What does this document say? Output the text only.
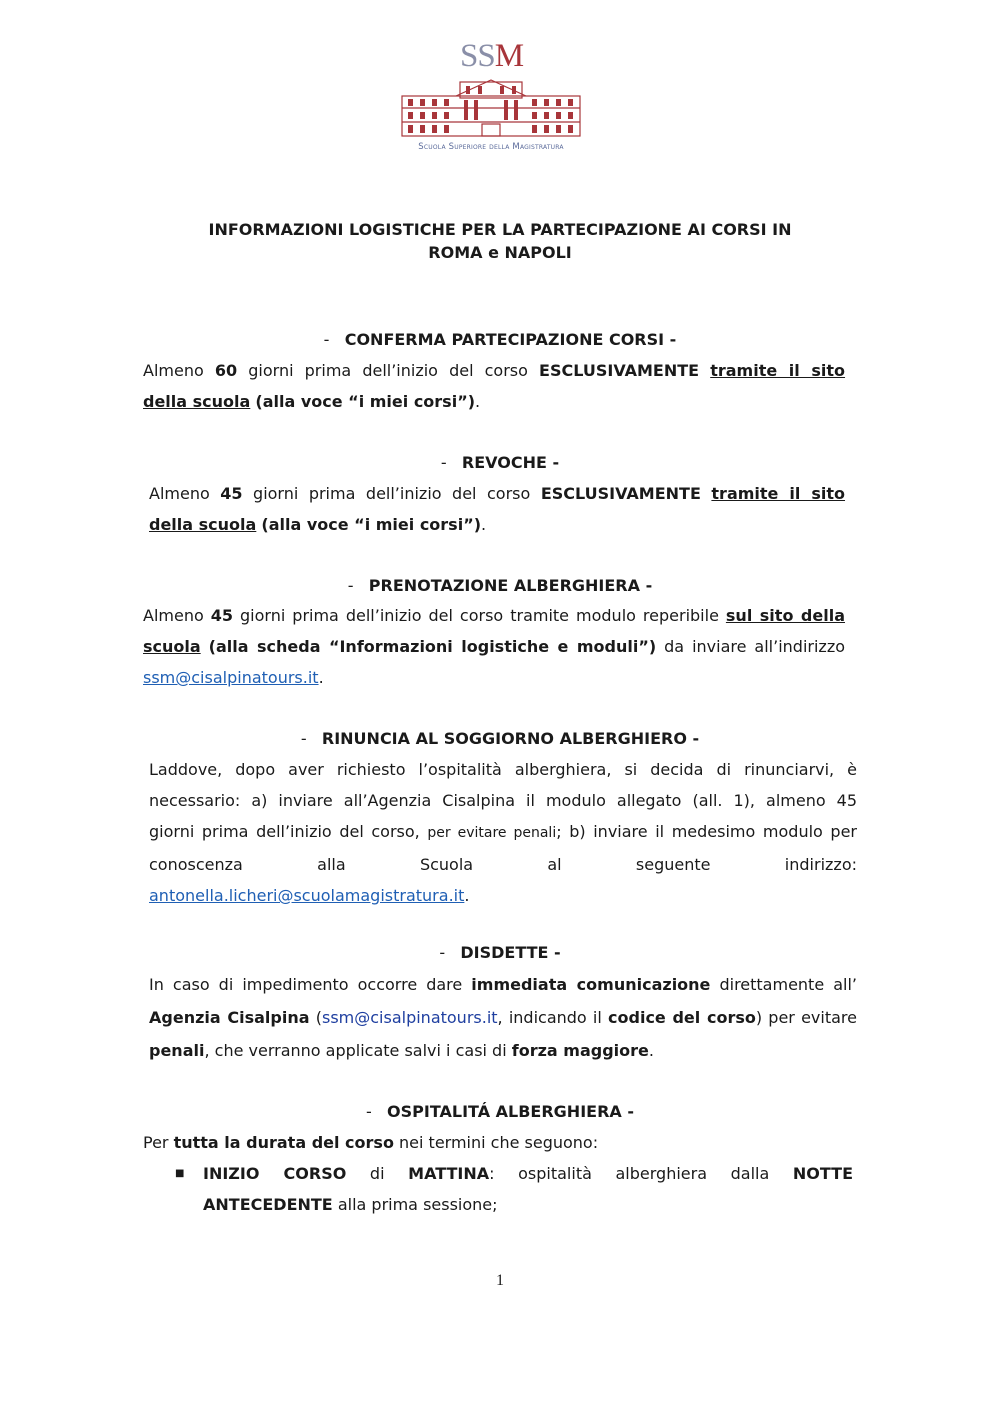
SSM
Scuola Superiore della Magistratura
INFORMAZIONI LOGISTICHE PER LA PARTECIPAZIONE AI CORSI IN
ROMA e NAPOLI
-   CONFERMA PARTECIPAZIONE CORSI -
Almeno 60 giorni prima dell’inizio del corso ESCLUSIVAMENTE tramite il sito
della scuola (alla voce “i miei corsi”).
-   REVOCHE -
Almeno 45 giorni prima dell’inizio del corso ESCLUSIVAMENTE tramite il sito
della scuola (alla voce “i miei corsi”).
-   PRENOTAZIONE ALBERGHIERA -
Almeno 45 giorni prima dell’inizio del corso tramite modulo reperibile sul sito della
scuola (alla scheda “Informazioni logistiche e moduli”) da inviare all’indirizzo
ssm@cisalpinatours.it.
-   RINUNCIA AL SOGGIORNO ALBERGHIERO -
Laddove, dopo aver richiesto l’ospitalità alberghiera, si decida di rinunciarvi, è
necessario: a) inviare all’Agenzia Cisalpina il modulo allegato (all. 1), almeno 45
giorni prima dell’inizio del corso, per evitare penali; b) inviare il medesimo modulo per
conoscenza alla Scuola al seguente indirizzo:
antonella.licheri@scuolamagistratura.it.
-   DISDETTE -
In caso di impedimento occorre dare immediata comunicazione direttamente all’
Agenzia Cisalpina (ssm@cisalpinatours.it, indicando il codice del corso) per evitare
penali, che verranno applicate salvi i casi di forza maggiore.
-   OSPITALITÁ ALBERGHIERA -
Per tutta la durata del corso nei termini che seguono:
■ INIZIO CORSO di MATTINA: ospitalità alberghiera dalla NOTTE
ANTECEDENTE alla prima sessione;
1
